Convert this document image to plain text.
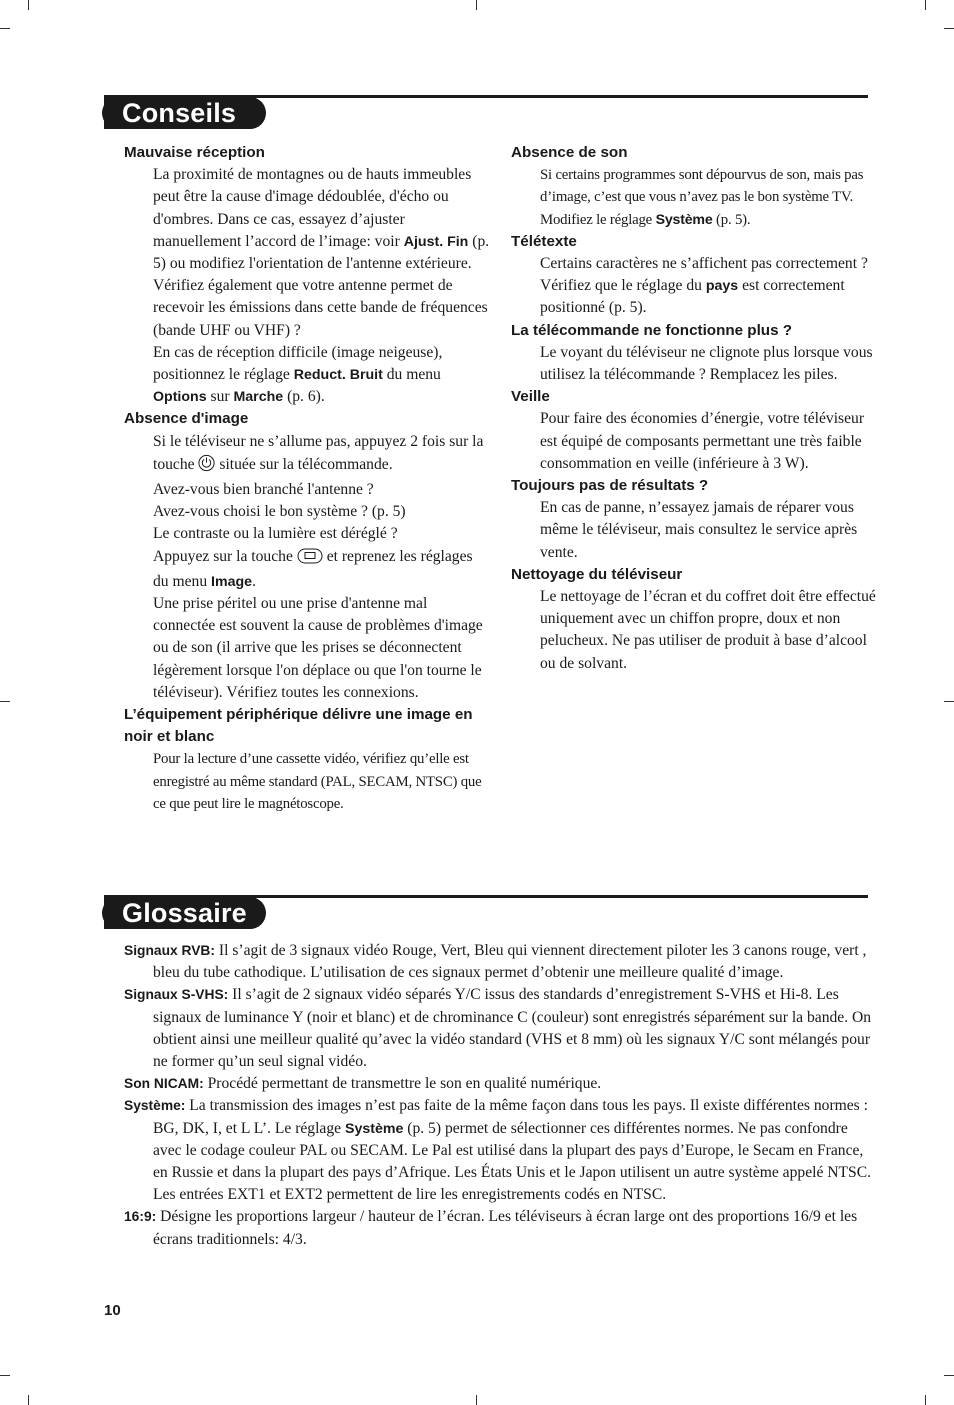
Conseils
Mauvaise réception
La proximité de montagnes ou de hauts immeubles peut être la cause d'image dédoublée, d'écho ou d'ombres. Dans ce cas, essayez d’ajuster manuellement l’accord de l’image: voir Ajust. Fin (p. 5) ou modifiez l'orientation de l'antenne extérieure.
Vérifiez également que votre antenne permet de recevoir les émissions dans cette bande de fréquences (bande UHF ou VHF) ?
En cas de réception difficile (image neigeuse), positionnez le réglage Reduct. Bruit du menu Options sur Marche (p. 6).
Absence d'image
Si le téléviseur ne s’allume pas, appuyez 2 fois sur la touche située sur la télécommande.
Avez-vous bien branché l'antenne ?
Avez-vous choisi le bon système ? (p. 5)
Le contraste ou la lumière est déréglé ?
Appuyez sur la touche et reprenez les réglages du menu Image.
Une prise péritel ou une prise d'antenne mal connectée est souvent la cause de problèmes d'image ou de son (il arrive que les prises se déconnectent légèrement lorsque l'on déplace ou que l'on tourne le téléviseur). Vérifiez toutes les connexions.
L’équipement périphérique délivre une image en noir et blanc
Pour la lecture d’une cassette vidéo, vérifiez qu’elle est enregistré au même standard (PAL, SECAM, NTSC) que ce que peut lire le magnétoscope.
Absence de son
Si certains programmes sont dépourvus de son, mais pas d’image, c’est que vous n’avez pas le bon système TV. Modifiez le réglage Système (p. 5).
Télétexte
Certains caractères ne s’affichent pas correctement ? Vérifiez que le réglage du pays est correctement positionné (p. 5).
La télécommande ne fonctionne plus ?
Le voyant du téléviseur ne clignote plus lorsque vous utilisez la télécommande ? Remplacez les piles.
Veille
Pour faire des économies d’énergie, votre téléviseur est équipé de composants permettant une très faible consommation en veille (inférieure à 3 W).
Toujours pas de résultats ?
En cas de panne, n’essayez jamais de réparer vous même le téléviseur, mais consultez le service après vente.
Nettoyage du téléviseur
Le nettoyage de l’écran et du coffret doit être effectué uniquement avec un chiffon propre, doux et non pelucheux. Ne pas utiliser de produit à base d’alcool ou de solvant.
Glossaire
Signaux RVB: Il s’agit de 3 signaux vidéo Rouge, Vert, Bleu qui viennent directement piloter les 3 canons rouge, vert , bleu du tube cathodique. L’utilisation de ces signaux permet d’obtenir une meilleure qualité d’image.
Signaux S-VHS: Il s’agit de 2 signaux vidéo séparés Y/C issus des standards d’enregistrement S-VHS et Hi-8. Les signaux de luminance Y (noir et blanc) et de chrominance C (couleur) sont enregistrés séparément sur la bande. On obtient ainsi une meilleur qualité qu’avec la vidéo standard (VHS et 8 mm) où les signaux Y/C sont mélangés pour ne former qu’un seul signal vidéo.
Son NICAM: Procédé permettant de transmettre le son en qualité numérique.
Système: La transmission des images n’est pas faite de la même façon dans tous les pays. Il existe différentes normes : BG, DK, I, et L L’. Le réglage Système (p. 5) permet de sélectionner ces différentes normes. Ne pas confondre avec le codage couleur PAL ou SECAM. Le Pal est utilisé dans la plupart des pays d’Europe, le Secam en France, en Russie et dans la plupart des pays d’Afrique. Les États Unis et le Japon utilisent un autre système appelé NTSC. Les entrées EXT1 et EXT2 permettent de lire les enregistrements codés en NTSC.
16:9: Désigne les proportions largeur / hauteur de l’écran. Les téléviseurs à écran large ont des proportions 16/9 et les écrans traditionnels: 4/3.
10
